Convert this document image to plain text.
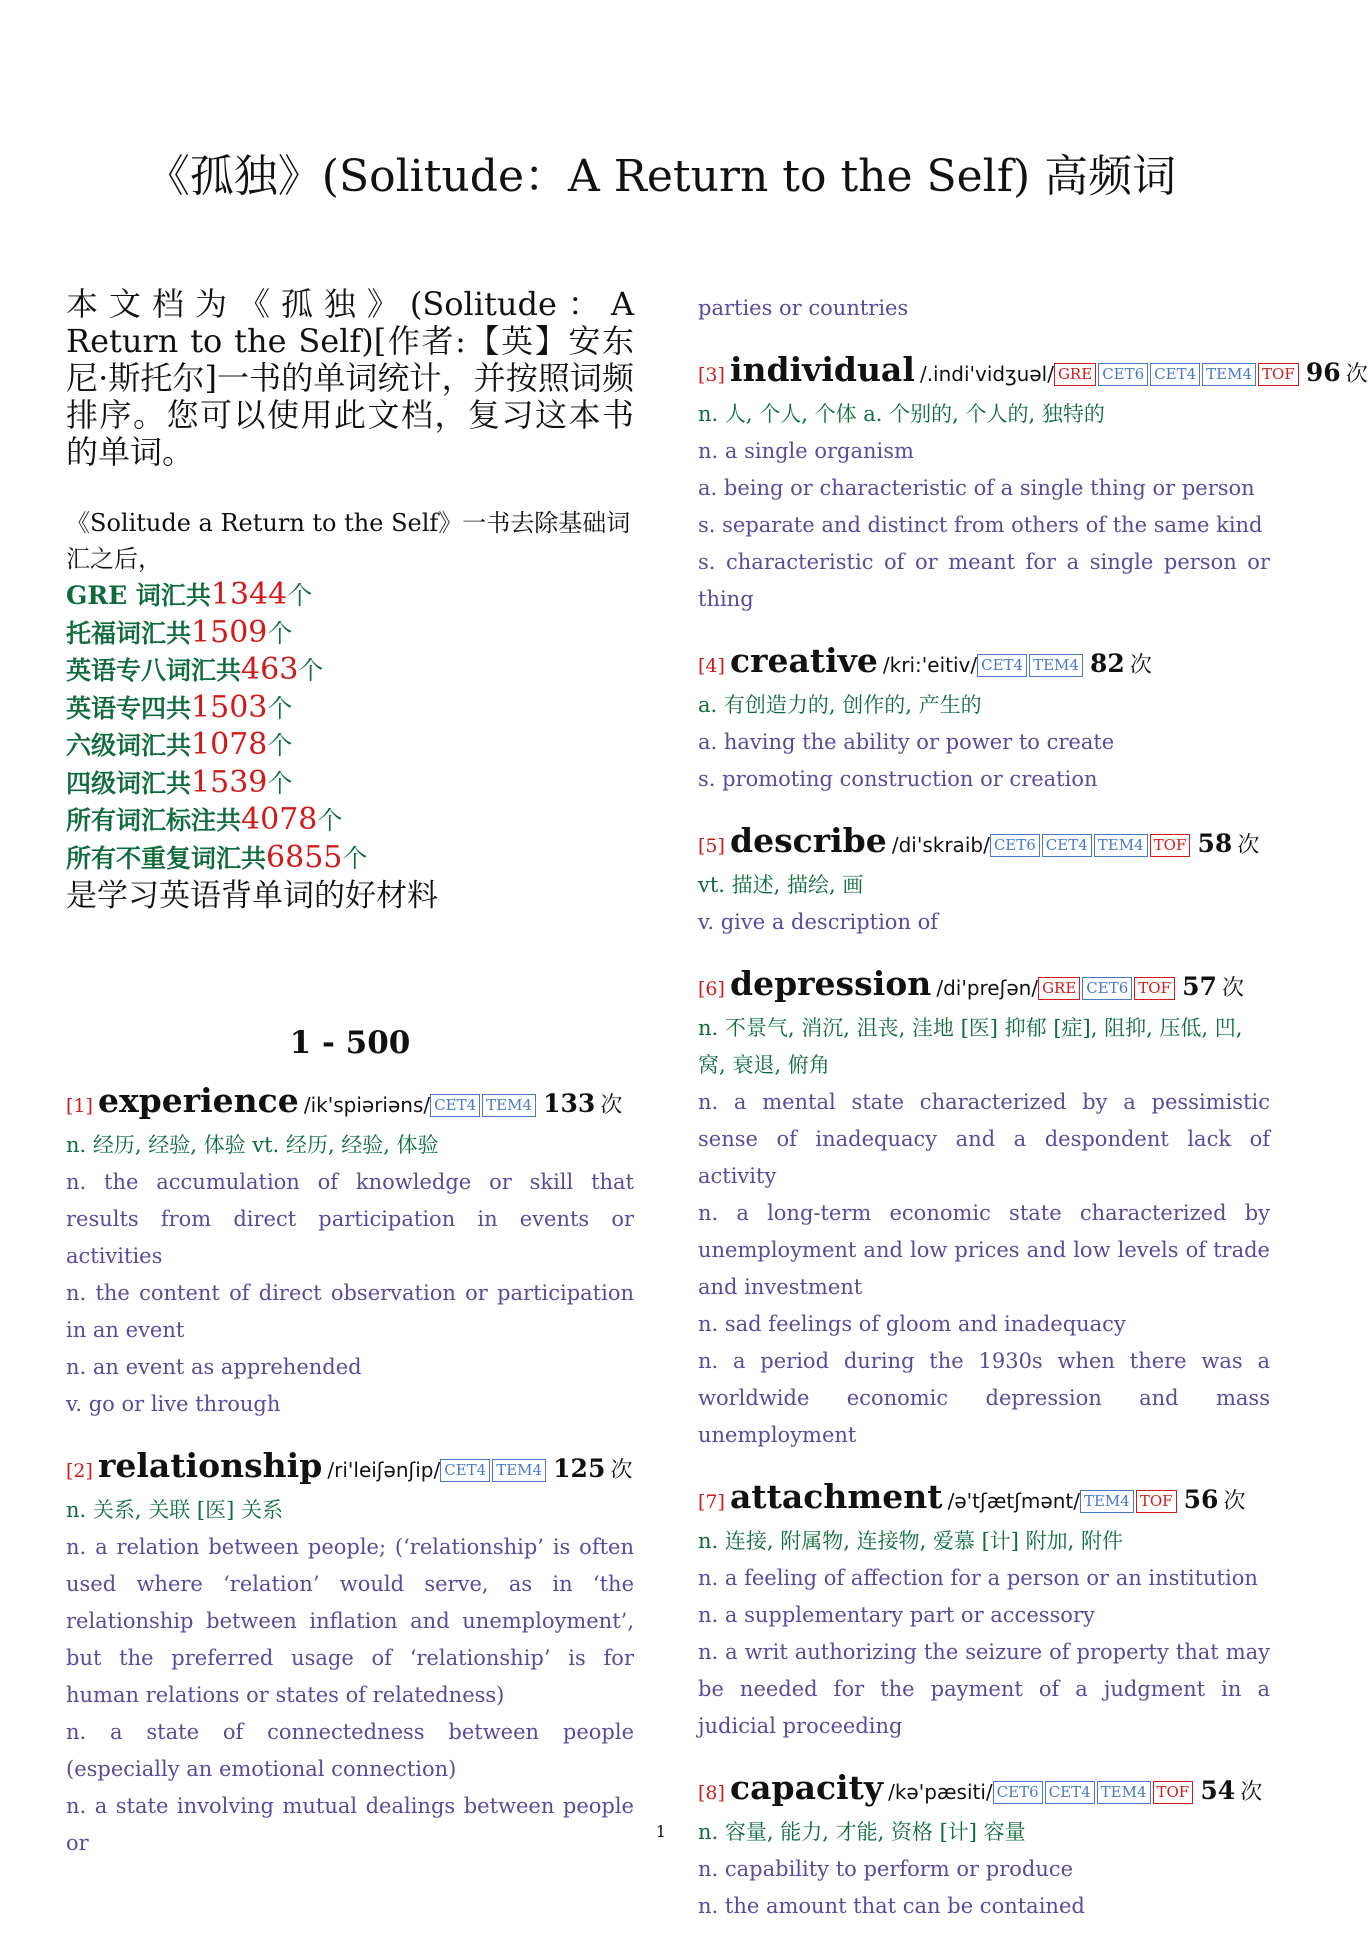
《孤独》(Solitude：A Return to the Self) 高频词

本文档为《孤独》(Solitude：A Return to the Self)[作者:【英】安东尼·斯托尔]一书的单词统计，并按照词频排序。您可以使用此文档，复习这本书的单词。

《Solitude a Return to the Self》一书去除基础词汇之后，

GRE 词汇共1344个

托福词汇共1509个

英语专八词汇共463个

英语专四共1503个

六级词汇共1078个

四级词汇共1539个

所有词汇标注共4078个

所有不重复词汇共6855个

是学习英语背单词的好材料

1 - 500
[1] experience /ik'spiəriəns/ CET4 TEM4 133 次

n. 经历, 经验, 体验 vt. 经历, 经验, 体验

n. the accumulation of knowledge or skill that results from direct participation in events or activities

n. the content of direct observation or participation in an event

n. an event as apprehended

v. go or live through

[2] relationship /ri'leiʃənʃip/ CET4 TEM4 125 次

n. 关系, 关联 [医] 关系

n. a relation between people; (‘relationship’ is often used where ‘relation’ would serve, as in ‘the relationship between inflation and unemployment’, but the preferred usage of ‘relationship’ is for human relations or states of relatedness)

n. a state of connectedness between people (especially an emotional connection)

n. a state involving mutual dealings between people or

parties or countries

[3] individual /.indi'vidʒuəl/ GRE CET6 CET4 TEM4 TOF 96 次

n. 人, 个人, 个体 a. 个别的, 个人的, 独特的

n. a single organism

a. being or characteristic of a single thing or person

s. separate and distinct from others of the same kind

s. characteristic of or meant for a single person or thing

[4] creative /kri:'eitiv/ CET4 TEM4 82 次

a. 有创造力的, 创作的, 产生的

a. having the ability or power to create

s. promoting construction or creation

[5] describe /di'skraib/ CET6 CET4 TEM4 TOF 58 次

vt. 描述, 描绘, 画

v. give a description of

[6] depression /di'preʃən/ GRE CET6 TOF 57 次

n. 不景气, 消沉, 沮丧, 洼地 [医] 抑郁 [症], 阻抑, 压低, 凹, 窝, 衰退, 俯角

n. a mental state characterized by a pessimistic sense of inadequacy and a despondent lack of activity

n. a long-term economic state characterized by unemployment and low prices and low levels of trade and investment

n. sad feelings of gloom and inadequacy

n. a period during the 1930s when there was a worldwide economic depression and mass unemployment

[7] attachment /ə'tʃætʃmənt/ TEM4 TOF 56 次

n. 连接, 附属物, 连接物, 爱慕 [计] 附加, 附件

n. a feeling of affection for a person or an institution

n. a supplementary part or accessory

n. a writ authorizing the seizure of property that may be needed for the payment of a judgment in a judicial proceeding

[8] capacity /kə'pæsiti/ CET6 CET4 TEM4 TOF 54 次

n. 容量, 能力, 才能, 资格 [计] 容量

n. capability to perform or produce

n. the amount that can be contained

1
